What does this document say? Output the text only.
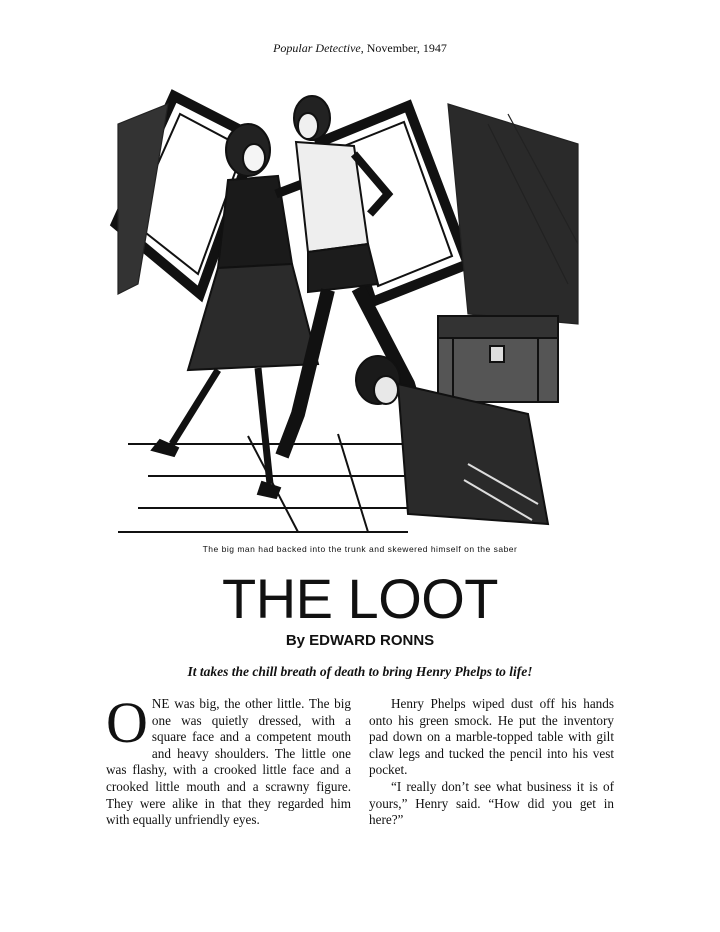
Popular Detective, November, 1947
The big man had backed into the trunk and skewered himself on the saber
THE LOOT
By EDWARD RONNS
It takes the chill breath of death to bring Henry Phelps to life!

ONE was big, the other little. The big one was quietly dressed, with a square face and a competent mouth and heavy shoulders. The little one was flashy, with a crooked little face and a crooked little mouth and a scrawny figure. They were alike in that they regarded him with equally unfriendly eyes.

Henry Phelps wiped dust off his hands onto his green smock. He put the inventory pad down on a marble-topped table with gilt claw legs and tucked the pencil into his vest pocket.

“I really don’t see what business it is of yours,” Henry said. “How did you get in here?”
